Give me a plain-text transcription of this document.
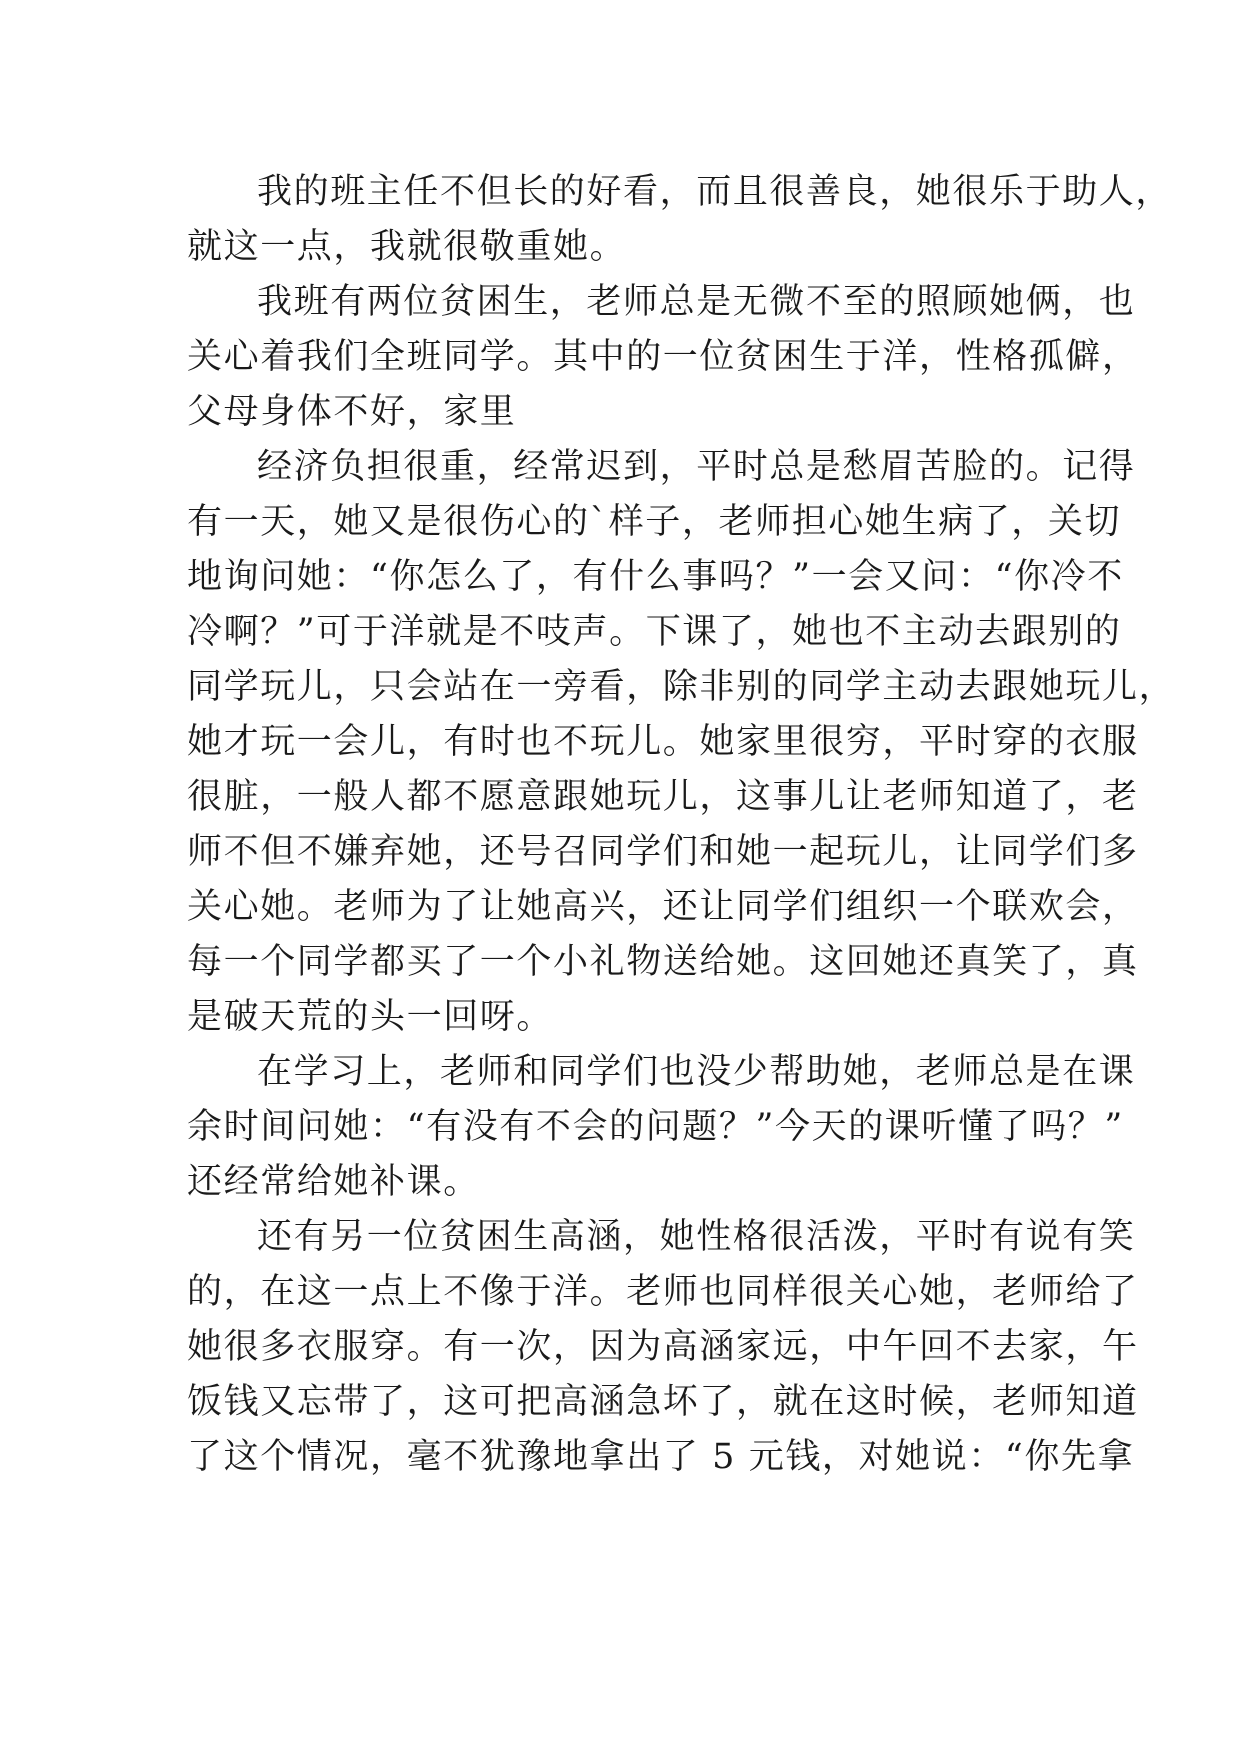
我的班主任不但长的好看，而且很善良，她很乐于助人，
就这一点，我就很敬重她。
我班有两位贫困生，老师总是无微不至的照顾她俩，也
关心着我们全班同学。其中的一位贫困生于洋，性格孤僻，
父母身体不好，家里
经济负担很重，经常迟到，平时总是愁眉苦脸的。记得
有一天，她又是很伤心的`样子，老师担心她生病了，关切
地询问她：“你怎么了，有什么事吗？”一会又问：“你冷不
冷啊？”可于洋就是不吱声。下课了，她也不主动去跟别的
同学玩儿，只会站在一旁看，除非别的同学主动去跟她玩儿，
她才玩一会儿，有时也不玩儿。她家里很穷，平时穿的衣服
很脏，一般人都不愿意跟她玩儿，这事儿让老师知道了，老
师不但不嫌弃她，还号召同学们和她一起玩儿，让同学们多
关心她。老师为了让她高兴，还让同学们组织一个联欢会，
每一个同学都买了一个小礼物送给她。这回她还真笑了，真
是破天荒的头一回呀。
在学习上，老师和同学们也没少帮助她，老师总是在课
余时间问她：“有没有不会的问题？”今天的课听懂了吗？”
还经常给她补课。
还有另一位贫困生高涵，她性格很活泼，平时有说有笑
的，在这一点上不像于洋。老师也同样很关心她，老师给了
她很多衣服穿。有一次，因为高涵家远，中午回不去家，午
饭钱又忘带了，这可把高涵急坏了，就在这时候，老师知道
了这个情况，毫不犹豫地拿出了 5 元钱，对她说：“你先拿
